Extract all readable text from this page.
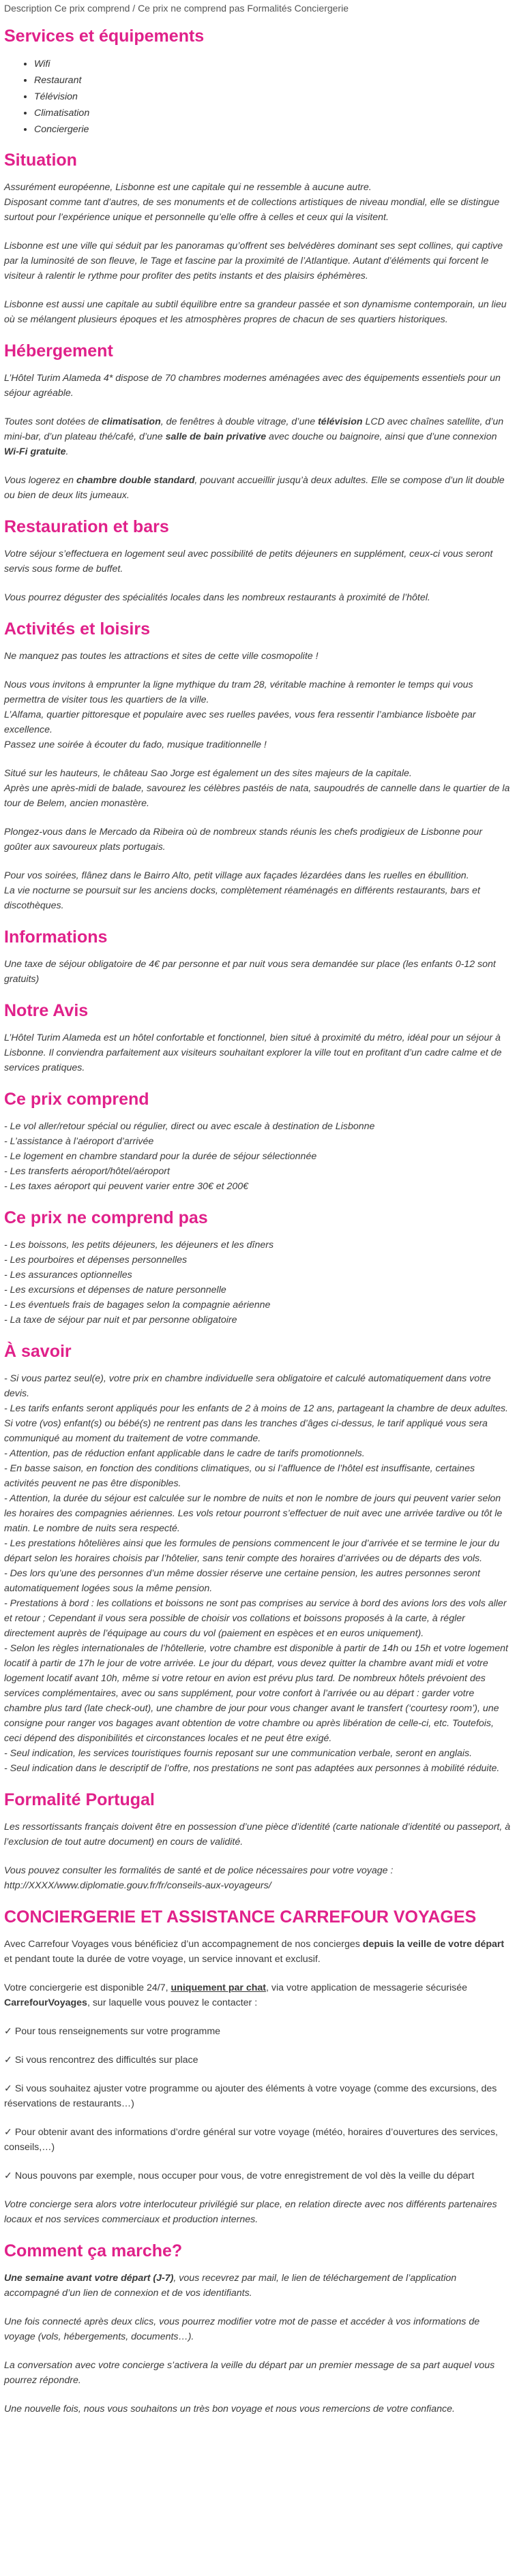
Description Ce prix comprend / Ce prix ne comprend pas Formalités Conciergerie
Services et équipements
• Wifi
• Restaurant
• Télévision
• Climatisation
• Conciergerie
Situation
Assurément européenne, Lisbonne est une capitale qui ne ressemble à aucune autre.
Disposant comme tant d’autres, de ses monuments et de collections artistiques de niveau mondial, elle se distingue surtout pour l’expérience unique et personnelle qu’elle offre à celles et ceux qui la visitent.

Lisbonne est une ville qui séduit par les panoramas qu’offrent ses belvédères dominant ses sept collines, qui captive par la luminosité de son fleuve, le Tage et fascine par la proximité de l’Atlantique. Autant d’éléments qui forcent le visiteur à ralentir le rythme pour profiter des petits instants et des plaisirs éphémères.

Lisbonne est aussi une capitale au subtil équilibre entre sa grandeur passée et son dynamisme contemporain, un lieu où se mélangent plusieurs époques et les atmosphères propres de chacun de ses quartiers historiques.

Hébergement

L’Hôtel Turim Alameda 4* dispose de 70 chambres modernes aménagées avec des équipements essentiels pour un séjour agréable.

Toutes sont dotées de climatisation, de fenêtres à double vitrage, d’une télévision LCD avec chaînes satellite, d’un mini-bar, d’un plateau thé/café, d’une salle de bain privative avec douche ou baignoire, ainsi que d’une connexion Wi-Fi gratuite.

Vous logerez en chambre double standard, pouvant accueillir jusqu’à deux adultes. Elle se compose d’un lit double ou bien de deux lits jumeaux.

Restauration et bars

Votre séjour s’effectuera en logement seul avec possibilité de petits déjeuners en supplément, ceux-ci vous seront servis sous forme de buffet.

Vous pourrez déguster des spécialités locales dans les nombreux restaurants à proximité de l’hôtel.

Activités et loisirs

Ne manquez pas toutes les attractions et sites de cette ville cosmopolite !

Nous vous invitons à emprunter la ligne mythique du tram 28, véritable machine à remonter le temps qui vous permettra de visiter tous les quartiers de la ville.
L’Alfama, quartier pittoresque et populaire avec ses ruelles pavées, vous fera ressentir l’ambiance lisboète par excellence.
Passez une soirée à écouter du fado, musique traditionnelle !
Situé sur les hauteurs, le château Sao Jorge est également un des sites majeurs de la capitale.
Après une après-midi de balade, savourez les célèbres pastéis de nata, saupoudrés de cannelle dans le quartier de la tour de Belem, ancien monastère.

Plongez-vous dans le Mercado da Ribeira où de nombreux stands réunis les chefs prodigieux de Lisbonne pour goûter aux savoureux plats portugais.

Pour vos soirées, flânez dans le Bairro Alto, petit village aux façades lézardées dans les ruelles en ébullition.
La vie nocturne se poursuit sur les anciens docks, complètement réaménagés en différents restaurants, bars et discothèques.
Informations

Une taxe de séjour obligatoire de 4€ par personne et par nuit vous sera demandée sur place (les enfants 0-12 sont gratuits)

Notre Avis

L’Hôtel Turim Alameda est un hôtel confortable et fonctionnel, bien situé à proximité du métro, idéal pour un séjour à Lisbonne. Il conviendra parfaitement aux visiteurs souhaitant explorer la ville tout en profitant d’un cadre calme et de services pratiques.

Ce prix comprend
- Le vol aller/retour spécial ou régulier, direct ou avec escale à destination de Lisbonne
- L’assistance à l’aéroport d’arrivée
- Le logement en chambre standard pour la durée de séjour sélectionnée
- Les transferts aéroport/hôtel/aéroport
- Les taxes aéroport qui peuvent varier entre 30€ et 200€
Ce prix ne comprend pas
- Les boissons, les petits déjeuners, les déjeuners et les dîners
- Les pourboires et dépenses personnelles
- Les assurances optionnelles
- Les excursions et dépenses de nature personnelle
- Les éventuels frais de bagages selon la compagnie aérienne
- La taxe de séjour par nuit et par personne obligatoire
À savoir
- Si vous partez seul(e), votre prix en chambre individuelle sera obligatoire et calculé automatiquement dans votre devis.
- Les tarifs enfants seront appliqués pour les enfants de 2 à moins de 12 ans, partageant la chambre de deux adultes. Si votre (vos) enfant(s) ou bébé(s) ne rentrent pas dans les tranches d’âges ci-dessus, le tarif appliqué vous sera communiqué au moment du traitement de votre commande.
- Attention, pas de réduction enfant applicable dans le cadre de tarifs promotionnels.
- En basse saison, en fonction des conditions climatiques, ou si l’affluence de l’hôtel est insuffisante, certaines activités peuvent ne pas être disponibles.
- Attention, la durée du séjour est calculée sur le nombre de nuits et non le nombre de jours qui peuvent varier selon les horaires des compagnies aériennes. Les vols retour pourront s’effectuer de nuit avec une arrivée tardive ou tôt le matin. Le nombre de nuits sera respecté.
- Les prestations hôtelières ainsi que les formules de pensions commencent le jour d’arrivée et se termine le jour du départ selon les horaires choisis par l’hôtelier, sans tenir compte des horaires d’arrivées ou de départs des vols.
- Des lors qu’une des personnes d’un même dossier réserve une certaine pension, les autres personnes seront automatiquement logées sous la même pension.
- Prestations à bord : les collations et boissons ne sont pas comprises au service à bord des avions lors des vols aller et retour ; Cependant il vous sera possible de choisir vos collations et boissons proposés à la carte, à régler directement auprès de l’équipage au cours du vol (paiement en espèces et en euros uniquement).
- Selon les règles internationales de l’hôtellerie, votre chambre est disponible à partir de 14h ou 15h et votre logement locatif à partir de 17h le jour de votre arrivée. Le jour du départ, vous devez quitter la chambre avant midi et votre logement locatif avant 10h, même si votre retour en avion est prévu plus tard. De nombreux hôtels prévoient des services complémentaires, avec ou sans supplément, pour votre confort à l’arrivée ou au départ : garder votre chambre plus tard (late check-out), une chambre de jour pour vous changer avant le transfert (‘courtesy room’), une consigne pour ranger vos bagages avant obtention de votre chambre ou après libération de celle-ci, etc. Toutefois, ceci dépend des disponibilités et circonstances locales et ne peut être exigé.
- Seul indication, les services touristiques fournis reposant sur une communication verbale, seront en anglais.
- Seul indication dans le descriptif de l’offre, nos prestations ne sont pas adaptées aux personnes à mobilité réduite.
Formalité Portugal

Les ressortissants français doivent être en possession d’une pièce d’identité (carte nationale d’identité ou passeport, à l’exclusion de tout autre document) en cours de validité.

Vous pouvez consulter les formalités de santé et de police nécessaires pour votre voyage :
http://XXXX/www.diplomatie.gouv.fr/fr/conseils-aux-voyageurs/
CONCIERGERIE ET ASSISTANCE CARREFOUR VOYAGES

Avec Carrefour Voyages vous bénéficiez d’un accompagnement de nos concierges depuis la veille de votre départ et pendant toute la durée de votre voyage, un service innovant et exclusif.

Votre conciergerie est disponible 24/7, uniquement par chat, via votre application de messagerie sécurisée CarrefourVoyages, sur laquelle vous pouvez le contacter :

✓ Pour tous renseignements sur votre programme

✓ Si vous rencontrez des difficultés sur place

✓ Si vous souhaitez ajuster votre programme ou ajouter des éléments à votre voyage (comme des excursions, des réservations de restaurants…)

✓ Pour obtenir avant des informations d’ordre général sur votre voyage (météo, horaires d’ouvertures des services, conseils,…)

✓ Nous pouvons par exemple, nous occuper pour vous, de votre enregistrement de vol dès la veille du départ

Votre concierge sera alors votre interlocuteur privilégié sur place, en relation directe avec nos différents partenaires locaux et nos services commerciaux et production internes.

Comment ça marche?

Une semaine avant votre départ (J-7), vous recevrez par mail, le lien de téléchargement de l’application accompagné d’un lien de connexion et de vos identifiants.

Une fois connecté après deux clics, vous pourrez modifier votre mot de passe et accéder à vos informations de voyage (vols, hébergements, documents…).

La conversation avec votre concierge s’activera la veille du départ par un premier message de sa part auquel vous pourrez répondre.

Une nouvelle fois, nous vous souhaitons un très bon voyage et nous vous remercions de votre confiance.
